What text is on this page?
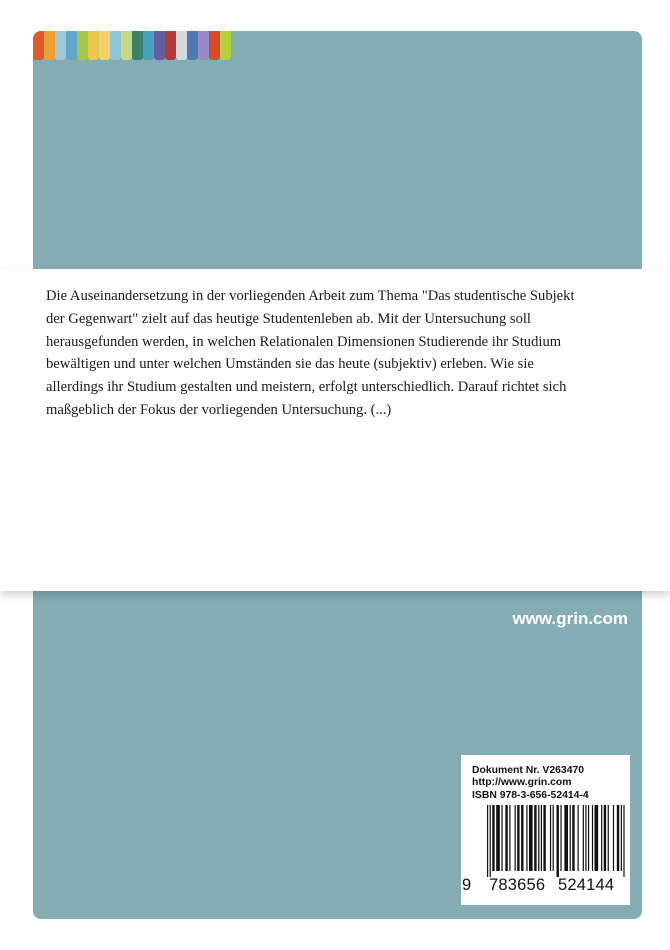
Die Auseinandersetzung in der vorliegenden Arbeit zum Thema "Das studentische Subjekt der Gegenwart" zielt auf das heutige Studentenleben ab. Mit der Untersuchung soll herausgefunden werden, in welchen Relationalen Dimensionen Studierende ihr Studium bewältigen und unter welchen Umständen sie das heute (subjektiv) erleben. Wie sie allerdings ihr Studium gestalten und meistern, erfolgt unterschiedlich. Darauf richtet sich maßgeblich der Fokus der vorliegenden Untersuchung. (...)

www.grin.com
Dokument Nr. V263470
http://www.grin.com
ISBN 978-3-656-52414-4
9 783656 524144
